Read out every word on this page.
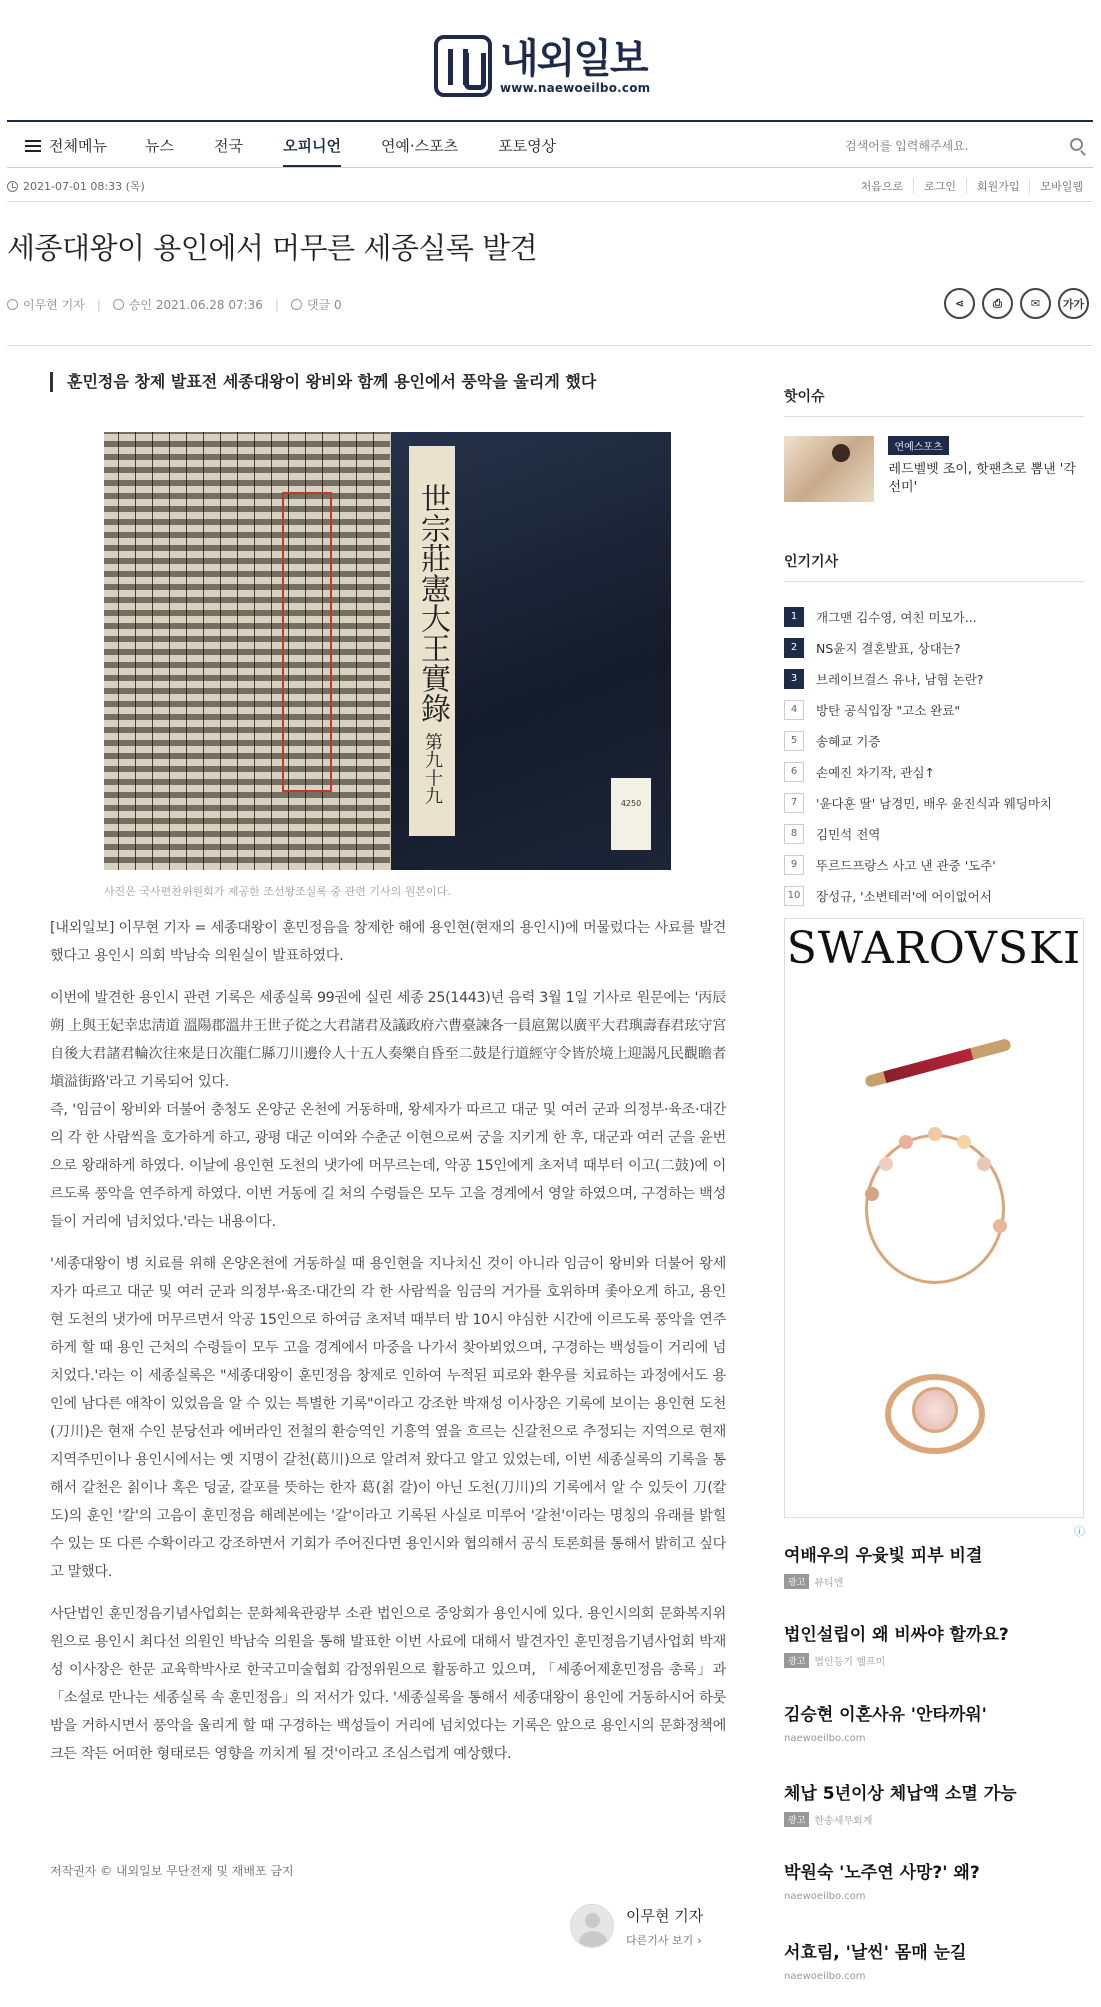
내외일보
www.naewoeilbo.com
전체메뉴	뉴스	전국	오피니언	연예·스포츠	포토영상
검색어를 입력해주세요.
2021-07-01 08:33 (목)	처음으로	로그인	회원가입	모바일웹
세종대왕이 용인에서 머무른 세종실록 발견
이무현 기자 | 승인 2021.06.28 07:36 | 댓글 0	⋖	⎙	✉	가가
훈민정음 창제 발표전 세종대왕이 왕비와 함께 용인에서 풍악을 울리게 했다
世宗莊憲大王實錄 第九十九	4250
사진은 국사편찬위원회가 제공한 조선왕조실록 중 관련 기사의 원본이다.

[내외일보] 이무현 기자 = 세종대왕이 훈민정음을 창제한 해에 용인현(현재의 용인시)에 머물렀다는 사료를 발견했다고 용인시 의회 박남숙 의원실이 발표하였다.

이번에 발견한 용인시 관련 기록은 세종실록 99권에 실린 세종 25(1443)년 음력 3월 1일 기사로 원문에는 '丙辰朔 上與王妃幸忠淸道 溫陽郡溫井王世子從之大君諸君及議政府六曹臺諫各一員扈駕以廣平大君璵壽春君玹守宮自後大君諸君輪次往來是日次龍仁縣刀川邊伶人十五人奏樂自昏至二鼓是行道經守令皆於境上迎謁凡民觀瞻者塡溢街路'라고 기록되어 있다.

즉, '임금이 왕비와 더불어 충청도 온양군 온천에 거동하매, 왕세자가 따르고 대군 및 여러 군과 의정부·육조·대간의 각 한 사람씩을 호가하게 하고, 광평 대군 이여와 수춘군 이현으로써 궁을 지키게 한 후, 대군과 여러 군을 윤번으로 왕래하게 하였다. 이날에 용인현 도천의 냇가에 머무르는데, 악공 15인에게 초저녁 때부터 이고(二鼓)에 이르도록 풍악을 연주하게 하였다. 이번 거동에 길 처의 수령들은 모두 고을 경계에서 영알 하였으며, 구경하는 백성들이 거리에 넘치었다.'라는 내용이다.

'세종대왕이 병 치료를 위해 온양온천에 거동하실 때 용인현을 지나치신 것이 아니라 임금이 왕비와 더불어 왕세자가 따르고 대군 및 여러 군과 의정부·육조·대간의 각 한 사람씩을 임금의 거가를 호위하며 좇아오게 하고, 용인현 도천의 냇가에 머무르면서 악공 15인으로 하여금 초저녁 때부터 밤 10시 야심한 시간에 이르도록 풍악을 연주하게 할 때 용인 근처의 수령들이 모두 고을 경계에서 마중을 나가서 찾아뵈었으며, 구경하는 백성들이 거리에 넘치었다.'라는 이 세종실록은 "세종대왕이 훈민정음 창제로 인하여 누적된 피로와 환우를 치료하는 과정에서도 용인에 남다른 애착이 있었음을 알 수 있는 특별한 기록"이라고 강조한 박재성 이사장은 기록에 보이는 용인현 도천(刀川)은 현재 수인 분당선과 에버라인 전철의 환승역인 기흥역 옆을 흐르는 신갈천으로 추정되는 지역으로 현재 지역주민이나 용인시에서는 옛 지명이 갈천(葛川)으로 알려져 왔다고 알고 있었는데, 이번 세종실록의 기록을 통해서 갈천은 칡이나 혹은 덩굴, 갈포를 뜻하는 한자 葛(칡 갈)이 아닌 도천(刀川)의 기록에서 알 수 있듯이 刀(칼 도)의 훈인 '칼'의 고음이 훈민정음 해례본에는 '갈'이라고 기록된 사실로 미루어 '갈천'이라는 명칭의 유래를 밝힐 수 있는 또 다른 수확이라고 강조하면서 기회가 주어진다면 용인시와 협의해서 공식 토론회를 통해서 밝히고 싶다고 말했다.

사단법인 훈민정음기념사업회는 문화체육관광부 소관 법인으로 중앙회가 용인시에 있다. 용인시의회 문화복지위원으로 용인시 최다선 의원인 박남숙 의원을 통해 발표한 이번 사료에 대해서 발견자인 훈민정음기념사업회 박재성 이사장은 한문 교육학박사로 한국고미술협회 감정위원으로 활동하고 있으며, 「세종어제훈민정음 총록」과 「소설로 만나는 세종실록 속 훈민정음」의 저서가 있다. '세종실록을 통해서 세종대왕이 용인에 거동하시어 하룻밤을 거하시면서 풍악을 울리게 할 때 구경하는 백성들이 거리에 넘치었다는 기록은 앞으로 용인시의 문화정책에 크든 작든 어떠한 형태로든 영향을 끼치게 될 것'이라고 조심스럽게 예상했다.

저작권자 © 내외일보 무단전재 및 재배포 금지
이무현 기자
다른기사 보기 ›
핫이슈
연예스포츠
레드벨벳 조이, 핫팬츠로 뽐낸 '각선미'
인기기사
1	개그맨 김수영, 여친 미모가...
2	NS윤지 결혼발표, 상대는?
3	브레이브걸스 유나, 남혐 논란?
4	방탄 공식입장 "고소 완료"
5	송혜교 기증
6	손예진 차기작, 관심↑
7	'윤다훈 딸' 남경민, 배우 윤진식과 웨딩마치
8	김민석 전역
9	뚜르드프랑스 사고 낸 관중 '도주'
10 장성규, '소변테러'에 어이없어서
SWAROVSKI
ⓘ
여배우의 우윳빛 피부 비결
광고 뷰티엔
법인설립이 왜 비싸야 할까요?
광고 법인등기 헬프미
김승현 이혼사유 '안타까워'
naewoeilbo.com
체납 5년이상 체납액 소멸 가능
광고 한송세무회계
박원숙 '노주연 사망?' 왜?
naewoeilbo.com
서효림, '날씬' 몸매 눈길
naewoeilbo.com
